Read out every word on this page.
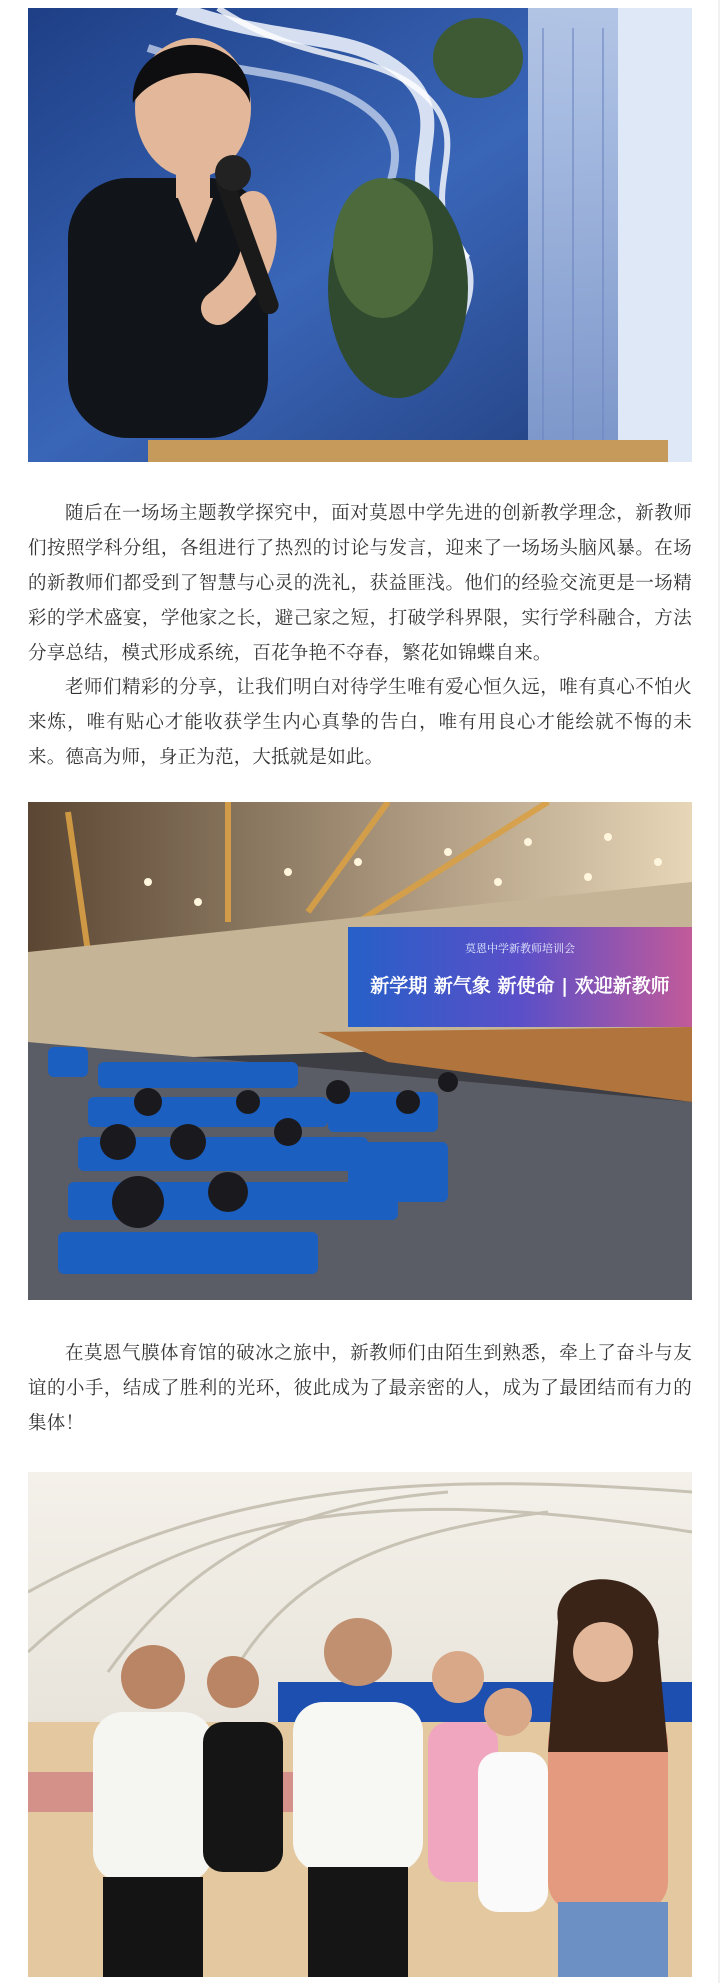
随后在一场场主题教学探究中，面对莫恩中学先进的创新教学理念，新教师们按照学科分组，各组进行了热烈的讨论与发言，迎来了一场场头脑风暴。在场的新教师们都受到了智慧与心灵的洗礼，获益匪浅。他们的经验交流更是一场精彩的学术盛宴，学他家之长，避己家之短，打破学科界限，实行学科融合，方法分享总结，模式形成系统，百花争艳不夺春，繁花如锦蝶自来。

老师们精彩的分享，让我们明白对待学生唯有爱心恒久远，唯有真心不怕火来炼，唯有贴心才能收获学生内心真挚的告白，唯有用良心才能绘就不悔的未来。德高为师，身正为范，大抵就是如此。

莫恩中学新教师培训会
新学期 新气象 新使命 | 欢迎新教师

在莫恩气膜体育馆的破冰之旅中，新教师们由陌生到熟悉，牵上了奋斗与友谊的小手，结成了胜利的光环，彼此成为了最亲密的人，成为了最团结而有力的集体！
